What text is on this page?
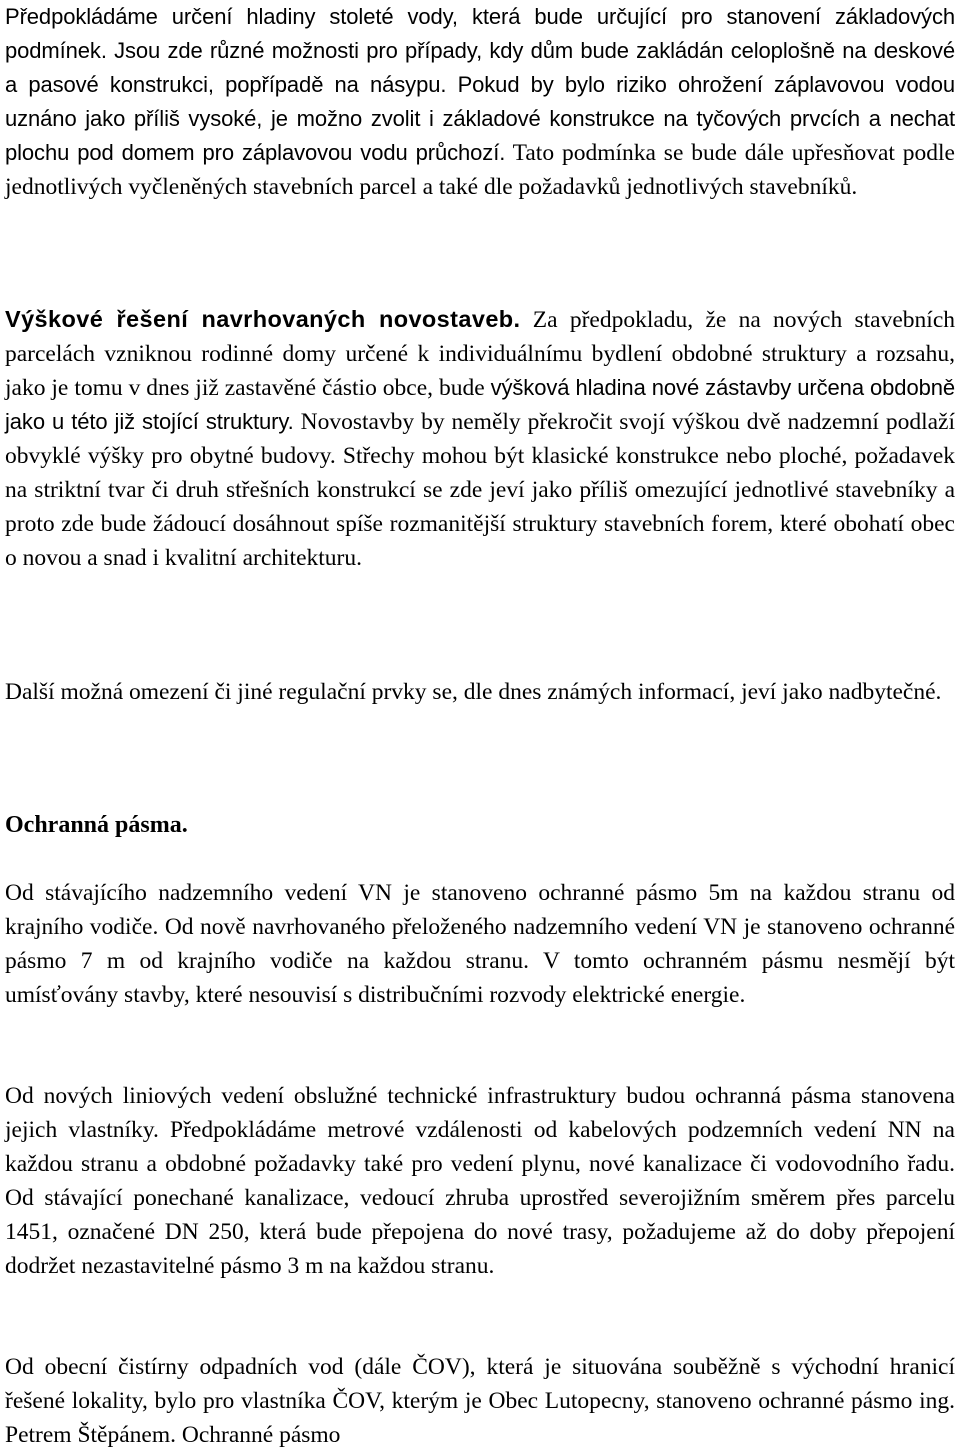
Předpokládáme určení hladiny stoleté vody, která bude určující pro stanovení základových podmínek. Jsou zde různé možnosti pro případy, kdy dům bude zakládán celoplošně na deskové a pasové konstrukci, popřípadě na násypu. Pokud by bylo riziko ohrožení záplavovou vodou uznáno jako příliš vysoké, je možno zvolit i základové konstrukce na tyčových prvcích a nechat plochu pod domem pro záplavovou vodu průchozí. Tato podmínka se bude dále upřesňovat podle jednotlivých vyčleněných stavebních parcel a také dle požadavků jednotlivých stavebníků.

Výškové řešení navrhovaných novostaveb. Za předpokladu, že na nových stavebních parcelách vzniknou rodinné domy určené k individuálnímu bydlení obdobné struktury a rozsahu, jako je tomu v dnes již zastavěné částio obce, bude výšková hladina nové zástavby určena obdobně jako u této již stojící struktury. Novostavby by neměly překročit svojí výškou dvě nadzemní podlaží obvyklé výšky pro obytné budovy. Střechy mohou být klasické konstrukce nebo ploché, požadavek na striktní tvar či druh střešních konstrukcí se zde jeví jako příliš omezující jednotlivé stavebníky a proto zde bude žádoucí dosáhnout spíše rozmanitější struktury stavebních forem, které obohatí obec o novou a snad i kvalitní architekturu.

Další možná omezení či jiné regulační prvky se, dle dnes známých informací, jeví jako nadbytečné.

Ochranná pásma.

Od stávajícího nadzemního vedení VN je stanoveno ochranné pásmo 5m na každou stranu od krajního vodiče. Od nově navrhovaného přeloženého nadzemního vedení VN je stanoveno ochranné pásmo 7 m od krajního vodiče na každou stranu. V tomto ochranném pásmu nesmějí být umísťovány stavby, které nesouvisí s distribučními rozvody elektrické energie.

Od nových liniových vedení obslužné technické infrastruktury budou ochranná pásma stanovena jejich vlastníky. Předpokládáme metrové vzdálenosti od kabelových podzemních vedení NN na každou stranu a obdobné požadavky také pro vedení plynu, nové kanalizace či vodovodního řadu. Od stávající ponechané kanalizace, vedoucí zhruba uprostřed severojižním směrem přes parcelu 1451, označené DN 250, která bude přepojena do nové trasy, požadujeme až do doby přepojení dodržet nezastavitelné pásmo 3 m na každou stranu.

Od obecní čistírny odpadních vod (dále ČOV), která je situována souběžně s východní hranicí řešené lokality, bylo pro vlastníka ČOV, kterým je Obec Lutopecny, stanoveno ochranné pásmo ing. Petrem Štěpánem. Ochranné pásmo
